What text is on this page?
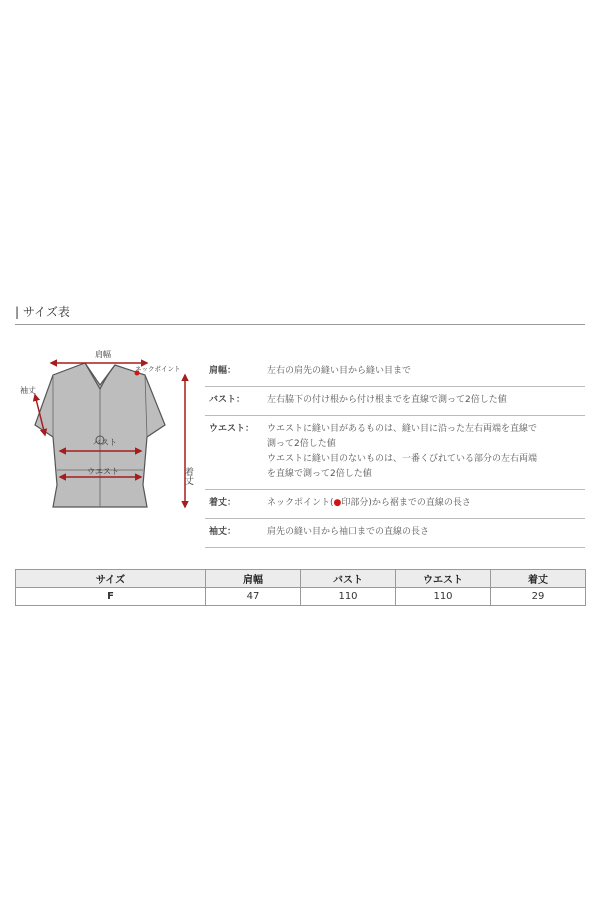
| サイズ表
肩幅
ネックポイント
袖丈
バスト
ウエスト	着丈
肩幅：	左右の肩先の縫い目から縫い目まで
バスト：	左右脇下の付け根から付け根までを直線で測って2倍した値
ウエスト：	ウエストに縫い目があるものは、縫い目に沿った左右両端を直線で
測って2倍した値
ウエストに縫い目のないものは、一番くびれている部分の左右両端
を直線で測って2倍した値
着丈：	ネックポイント(●印部分)から裾までの直線の長さ
袖丈：	肩先の縫い目から袖口までの直線の長さ
サイズ	肩幅	バスト	ウエスト	着丈
F	47	110	110	29
